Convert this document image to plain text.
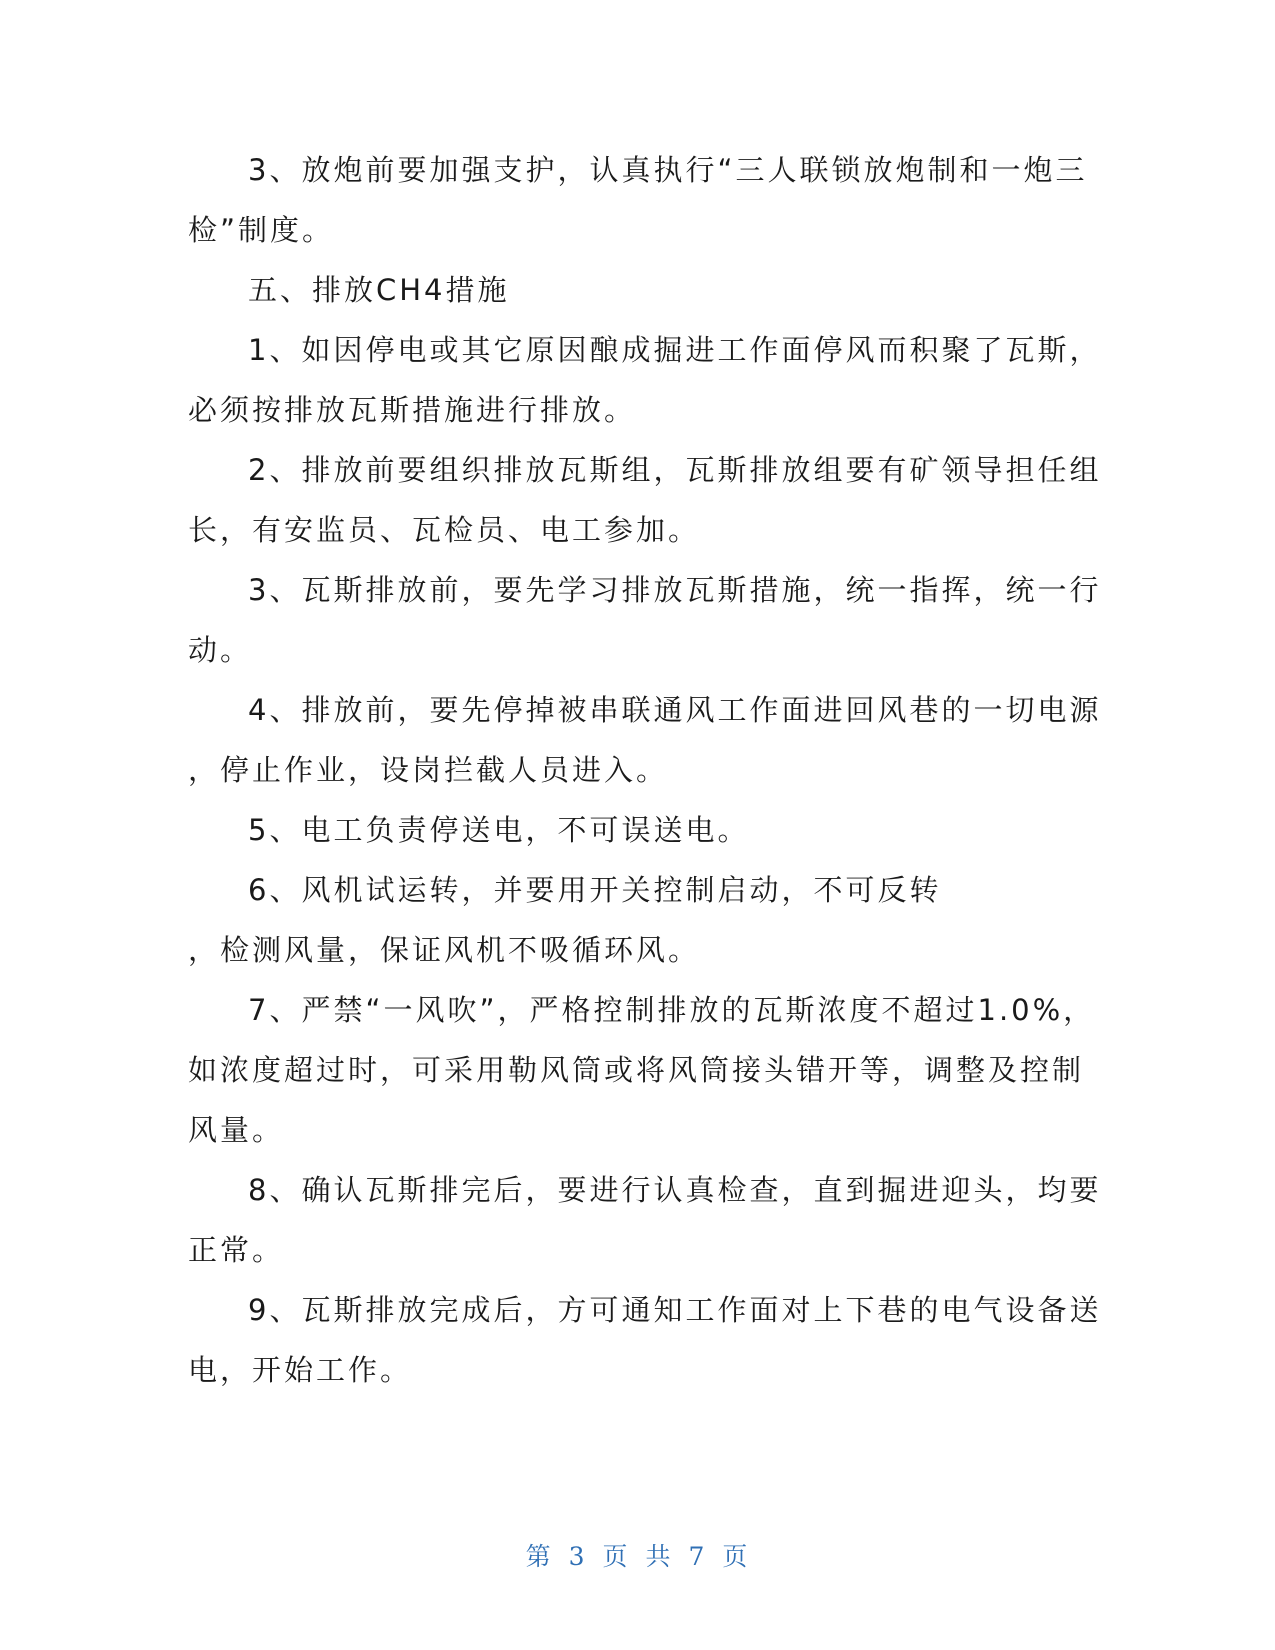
3、放炮前要加强支护，认真执行“三人联锁放炮制和一炮三
检”制度。
五、排放CH4措施
1、如因停电或其它原因酿成掘进工作面停风而积聚了瓦斯，
必须按排放瓦斯措施进行排放。
2、排放前要组织排放瓦斯组，瓦斯排放组要有矿领导担任组
长，有安监员、瓦检员、电工参加。
3、瓦斯排放前，要先学习排放瓦斯措施，统一指挥，统一行
动。
4、排放前，要先停掉被串联通风工作面进回风巷的一切电源
，停止作业，设岗拦截人员进入。
5、电工负责停送电，不可误送电。
6、风机试运转，并要用开关控制启动，不可反转
，检测风量，保证风机不吸循环风。
7、严禁“一风吹”，严格控制排放的瓦斯浓度不超过1.0%，
如浓度超过时，可采用勒风筒或将风筒接头错开等，调整及控制
风量。
8、确认瓦斯排完后，要进行认真检查，直到掘进迎头，均要
正常。
9、瓦斯排放完成后，方可通知工作面对上下巷的电气设备送
电，开始工作。
第 3 页 共 7 页
